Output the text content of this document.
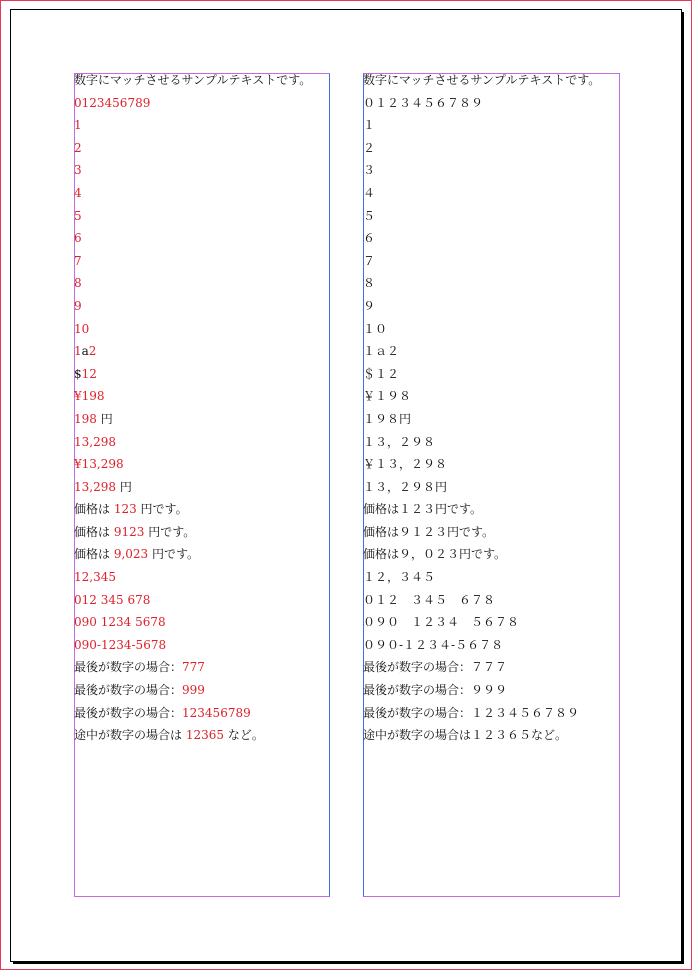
数字にマッチさせるサンプルテキストです。
0123456789
1
2
3
4
5
6
7
8
9
10
1a2
$12
¥198
198 円
13,298
¥13,298
13,298 円
価格は 123 円です。
価格は 9123 円です。
価格は 9,023 円です。
12,345
012 345 678
090 1234 5678
090-1234-5678
最後が数字の場合：777
最後が数字の場合：999
最後が数字の場合：123456789
途中が数字の場合は 12365 など。
数字にマッチさせるサンプルテキストです。
０１２３４５６７８９
１
２
３
４
５
６
７
８
９
１０
１ａ２
＄１２
￥１９８
１９８円
１３，２９８
￥１３，２９８
１３，２９８円
価格は１２３円です。
価格は９１２３円です。
価格は９，０２３円です。
１２，３４５
０１２　３４５　６７８
０９０　１２３４　５６７８
０９０-１２３４-５６７８
最後が数字の場合：７７７
最後が数字の場合：９９９
最後が数字の場合：１２３４５６７８９
途中が数字の場合は１２３６５など。
